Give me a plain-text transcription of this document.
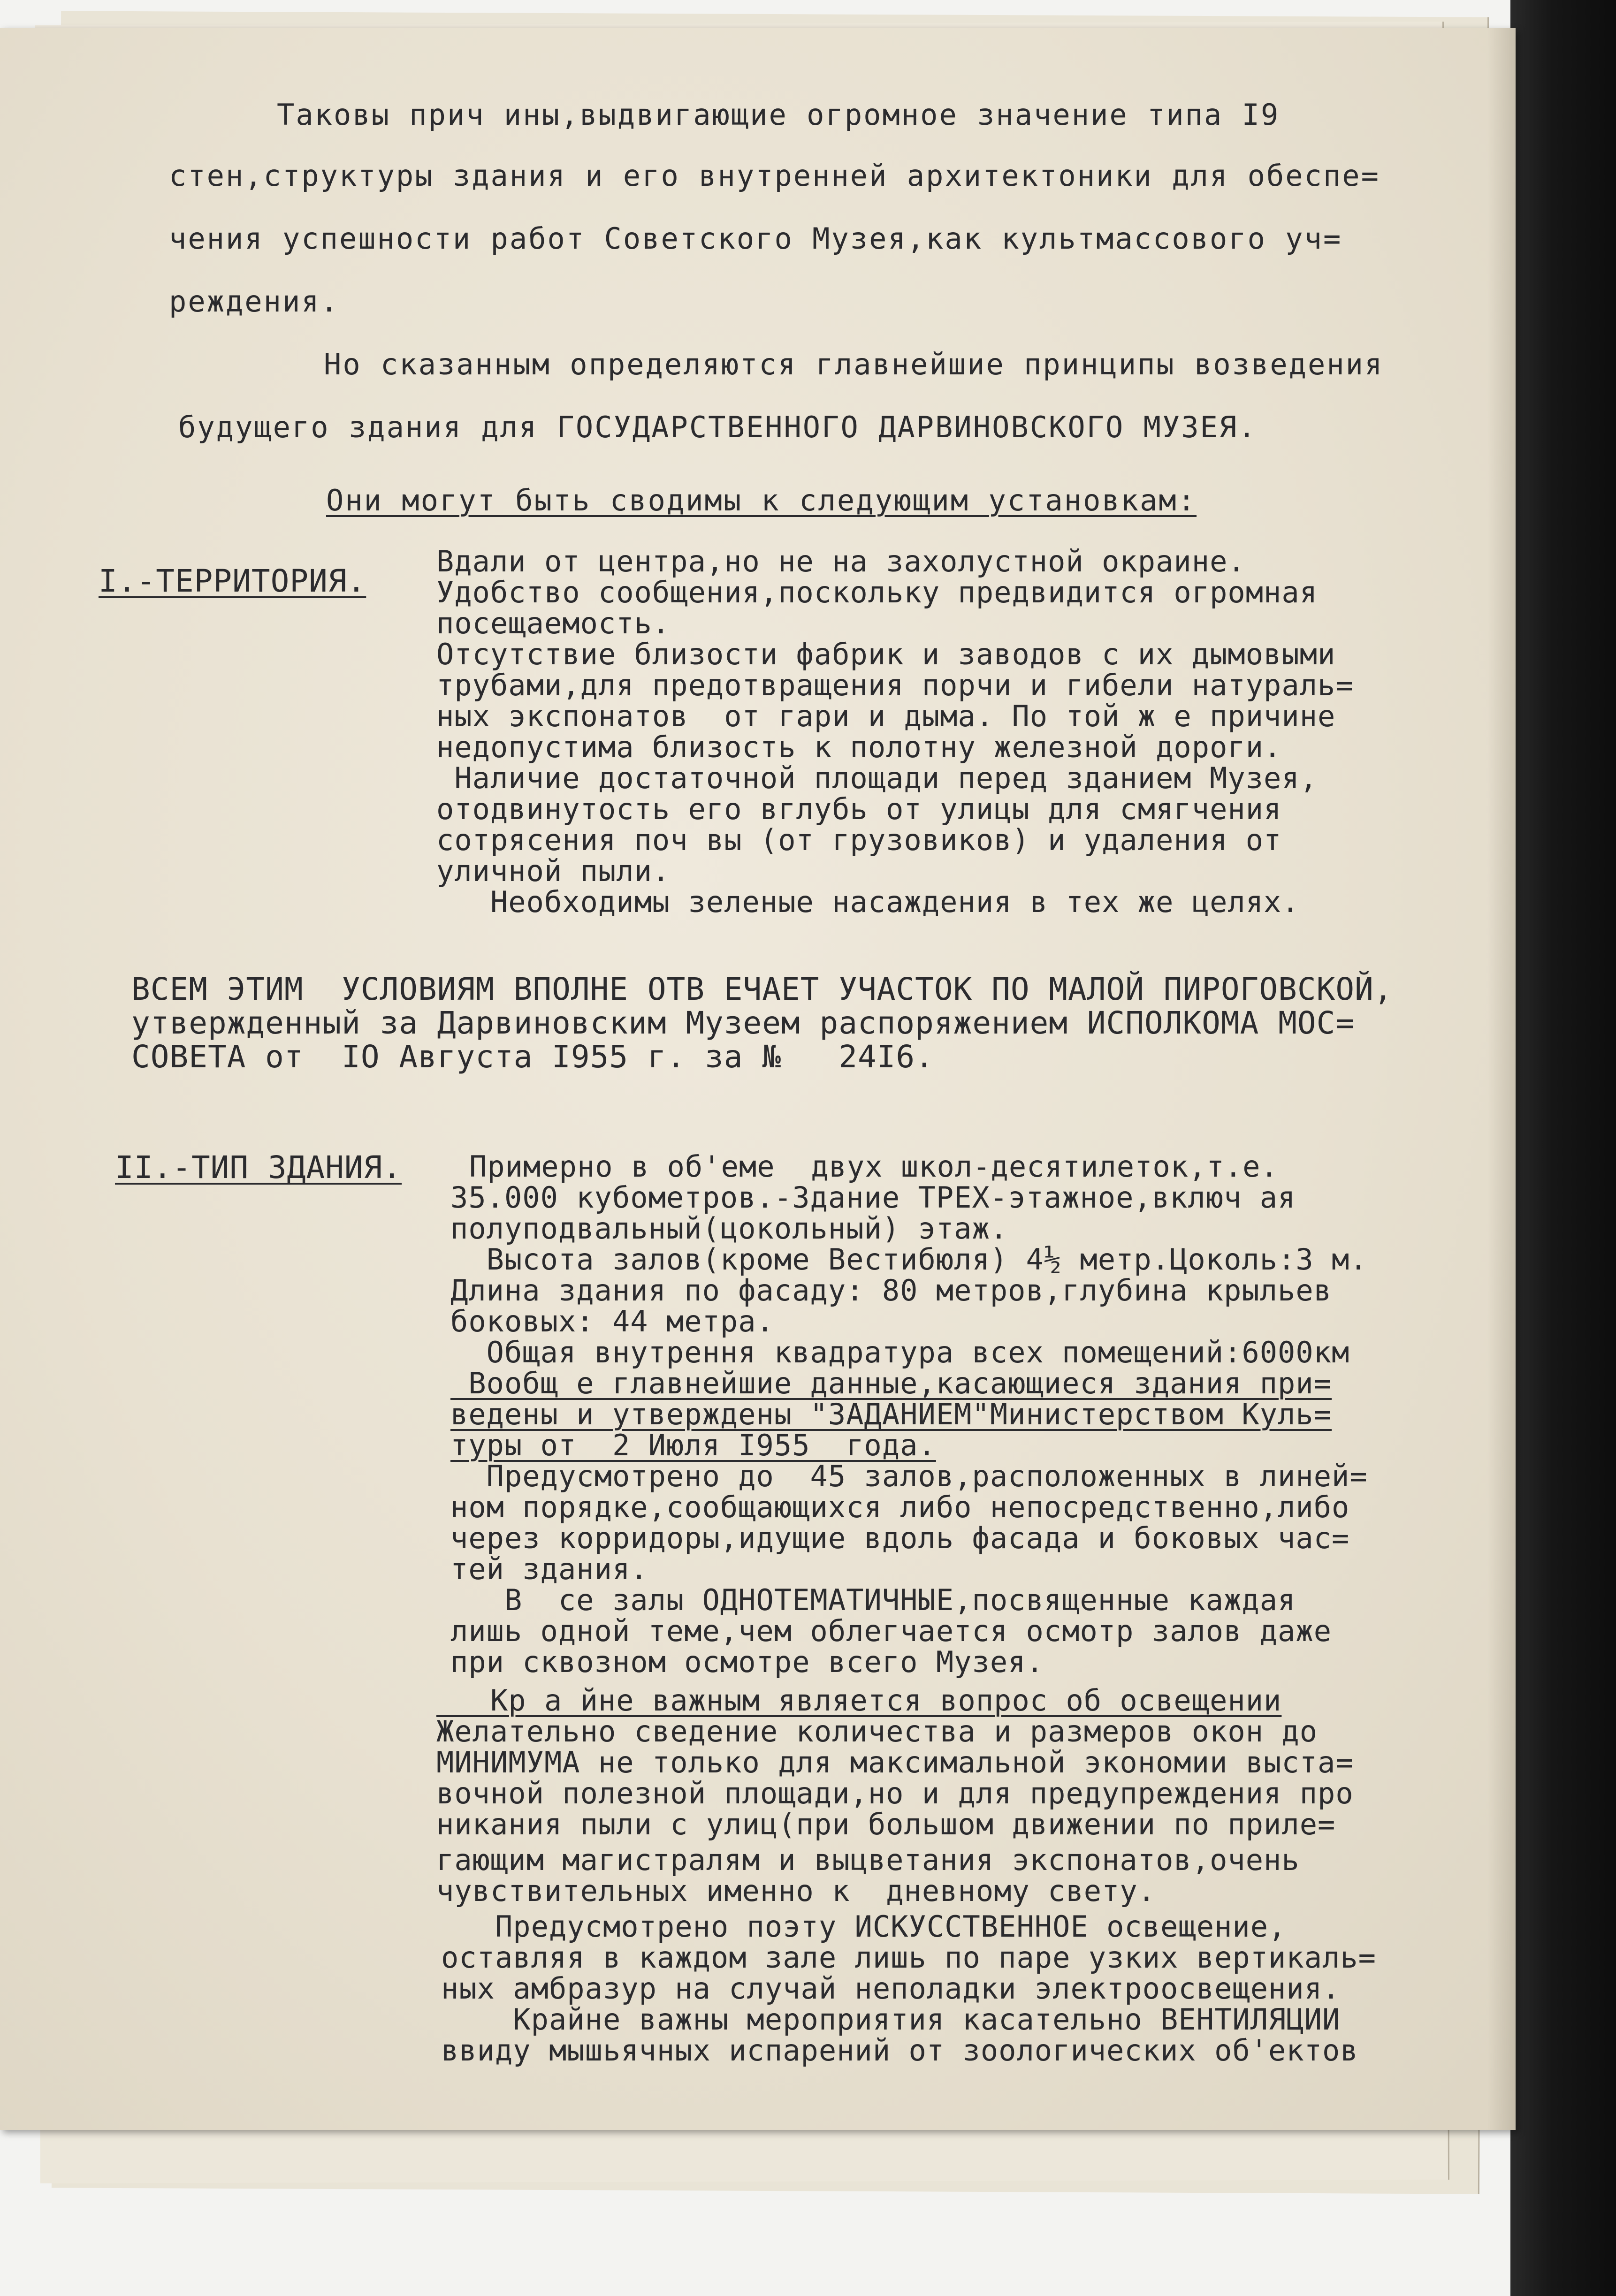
Таковы прич ины,выдвигающие огромное значение типа I9
стен,структуры здания и его внутренней архитектоники для обеспе=
чения успешности работ Советского Музея,как культмассового уч=
реждения.
Но сказанным определяются главнейшие принципы возведения
будущего здания для ГОСУДАРСТВЕННОГО ДАРВИНОВСКОГО МУЗЕЯ.
Они могут быть сводимы к следующим установкам:
I.-ТЕРРИТОРИЯ.
Вдали от центра,но не на захолустной окраине.
Удобство сообщения,поскольку предвидится огромная
посещаемость.
Отсутствие близости фабрик и заводов с их дымовыми
трубами,для предотвращения порчи и гибели натураль=
ных экспонатов  от гари и дыма. По той ж е причине
недопустима близость к полотну железной дороги.
Наличие достаточной площади перед зданием Музея,
отодвинутость его вглубь от улицы для смягчения
сотрясения поч вы (от грузовиков) и удаления от
уличной пыли.
Необходимы зеленые насаждения в тех же целях.
ВСЕМ ЭТИМ  УСЛОВИЯМ ВПОЛНЕ ОТВ ЕЧАЕТ УЧАСТОК ПО МАЛОЙ ПИРОГОВСКОЙ,
утвержденный за Дарвиновским Музеем распоряжением ИСПОЛКОМА МОС=
СОВЕТА от  IO Августа I955 г. за №   24I6.
II.-ТИП ЗДАНИЯ. Примерно в об'еме  двух школ-десятилеток,т.е.
35.000 кубометров.-Здание ТРЕХ-этажное,включ ая
полуподвальный(цокольный) этаж.
Высота залов(кроме Вестибюля) 4½ метр.Цоколь:3 м.
Длина здания по фасаду: 80 метров,глубина крыльев
боковых: 44 метра.
Общая внутрення квадратура всех помещений:6000км
Вообщ е главнейшие данные,касающиеся здания при=
ведены и утверждены "ЗАДАНИЕМ"Министерством Куль=
туры от  2 Июля I955  года.
Предусмотрено до  45 залов,расположенных в линей=
ном порядке,сообщающихся либо непосредственно,либо
через корридоры,идущие вдоль фасада и боковых час=
тей здания.
В  се залы ОДНОТЕМАТИЧНЫЕ,посвященные каждая
лишь одной теме,чем облегчается осмотр залов даже
при сквозном осмотре всего Музея.
Кр а йне важным является вопрос об освещении
Желательно сведение количества и размеров окон до
МИНИМУМА не только для максимальной экономии выста=
вочной полезной площади,но и для предупреждения про
никания пыли с улиц(при большом движении по приле=
гающим магистралям и выцветания экспонатов,очень
чувствительных именно к  дневному свету.
Предусмотрено поэту ИСКУССТВЕННОЕ освещение,
оставляя в каждом зале лишь по паре узких вертикаль=
ных амбразур на случай неполадки электроосвещения.
Крайне важны мероприятия касательно ВЕНТИЛЯЦИИ
ввиду мышьячных испарений от зоологических об'ектов
